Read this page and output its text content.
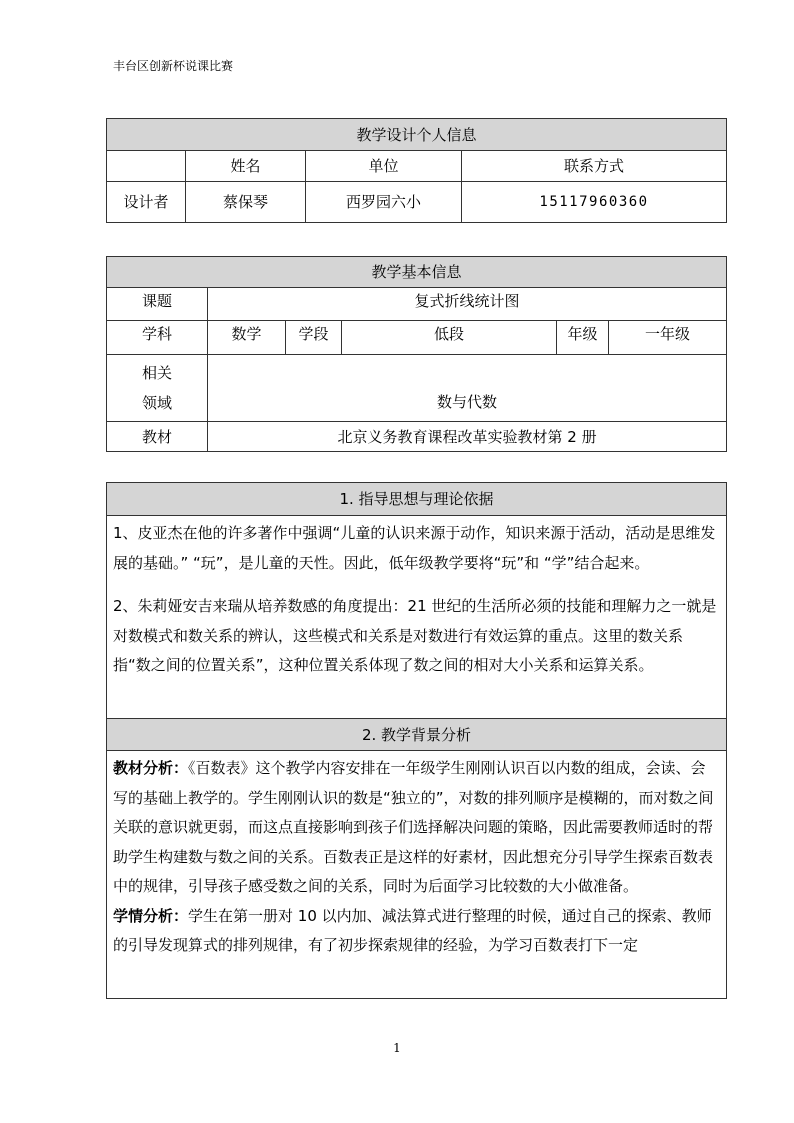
丰台区创新杯说课比赛
教学设计个人信息			
	姓名	单位	联系方式
设计者	蔡保琴	西罗园六小	15117960360
教学基本信息					
课题	复式折线统计图				
学科	数学	学段	低段	年级	一年级

相关
领域	数与代数				
教材	北京义务教育课程改革实验教材第 2 册				
1. 指导思想与理论依据

1、皮亚杰在他的许多著作中强调“儿童的认识来源于动作，知识来源于活动，活动是思维发展的基础。” “玩”，是儿童的天性。因此，低年级教学要将“玩”和 “学”结合起来。

2、朱莉娅安吉来瑞从培养数感的角度提出：21 世纪的生活所必须的技能和理解力之一就是对数模式和数关系的辨认，这些模式和关系是对数进行有效运算的重点。这里的数关系指“数之间的位置关系”，这种位置关系体现了数之间的相对大小关系和运算关系。

2. 教学背景分析

教材分析：《百数表》这个教学内容安排在一年级学生刚刚认识百以内数的组成，会读、会写的基础上教学的。学生刚刚认识的数是“独立的”，对数的排列顺序是模糊的，而对数之间关联的意识就更弱，而这点直接影响到孩子们选择解决问题的策略，因此需要教师适时的帮助学生构建数与数之间的关系。百数表正是这样的好素材，因此想充分引导学生探索百数表中的规律，引导孩子感受数之间的关系，同时为后面学习比较数的大小做准备。

学情分析：学生在第一册对 10 以内加、减法算式进行整理的时候，通过自己的探索、教师的引导发现算式的排列规律，有了初步探索规律的经验，为学习百数表打下一定

1
